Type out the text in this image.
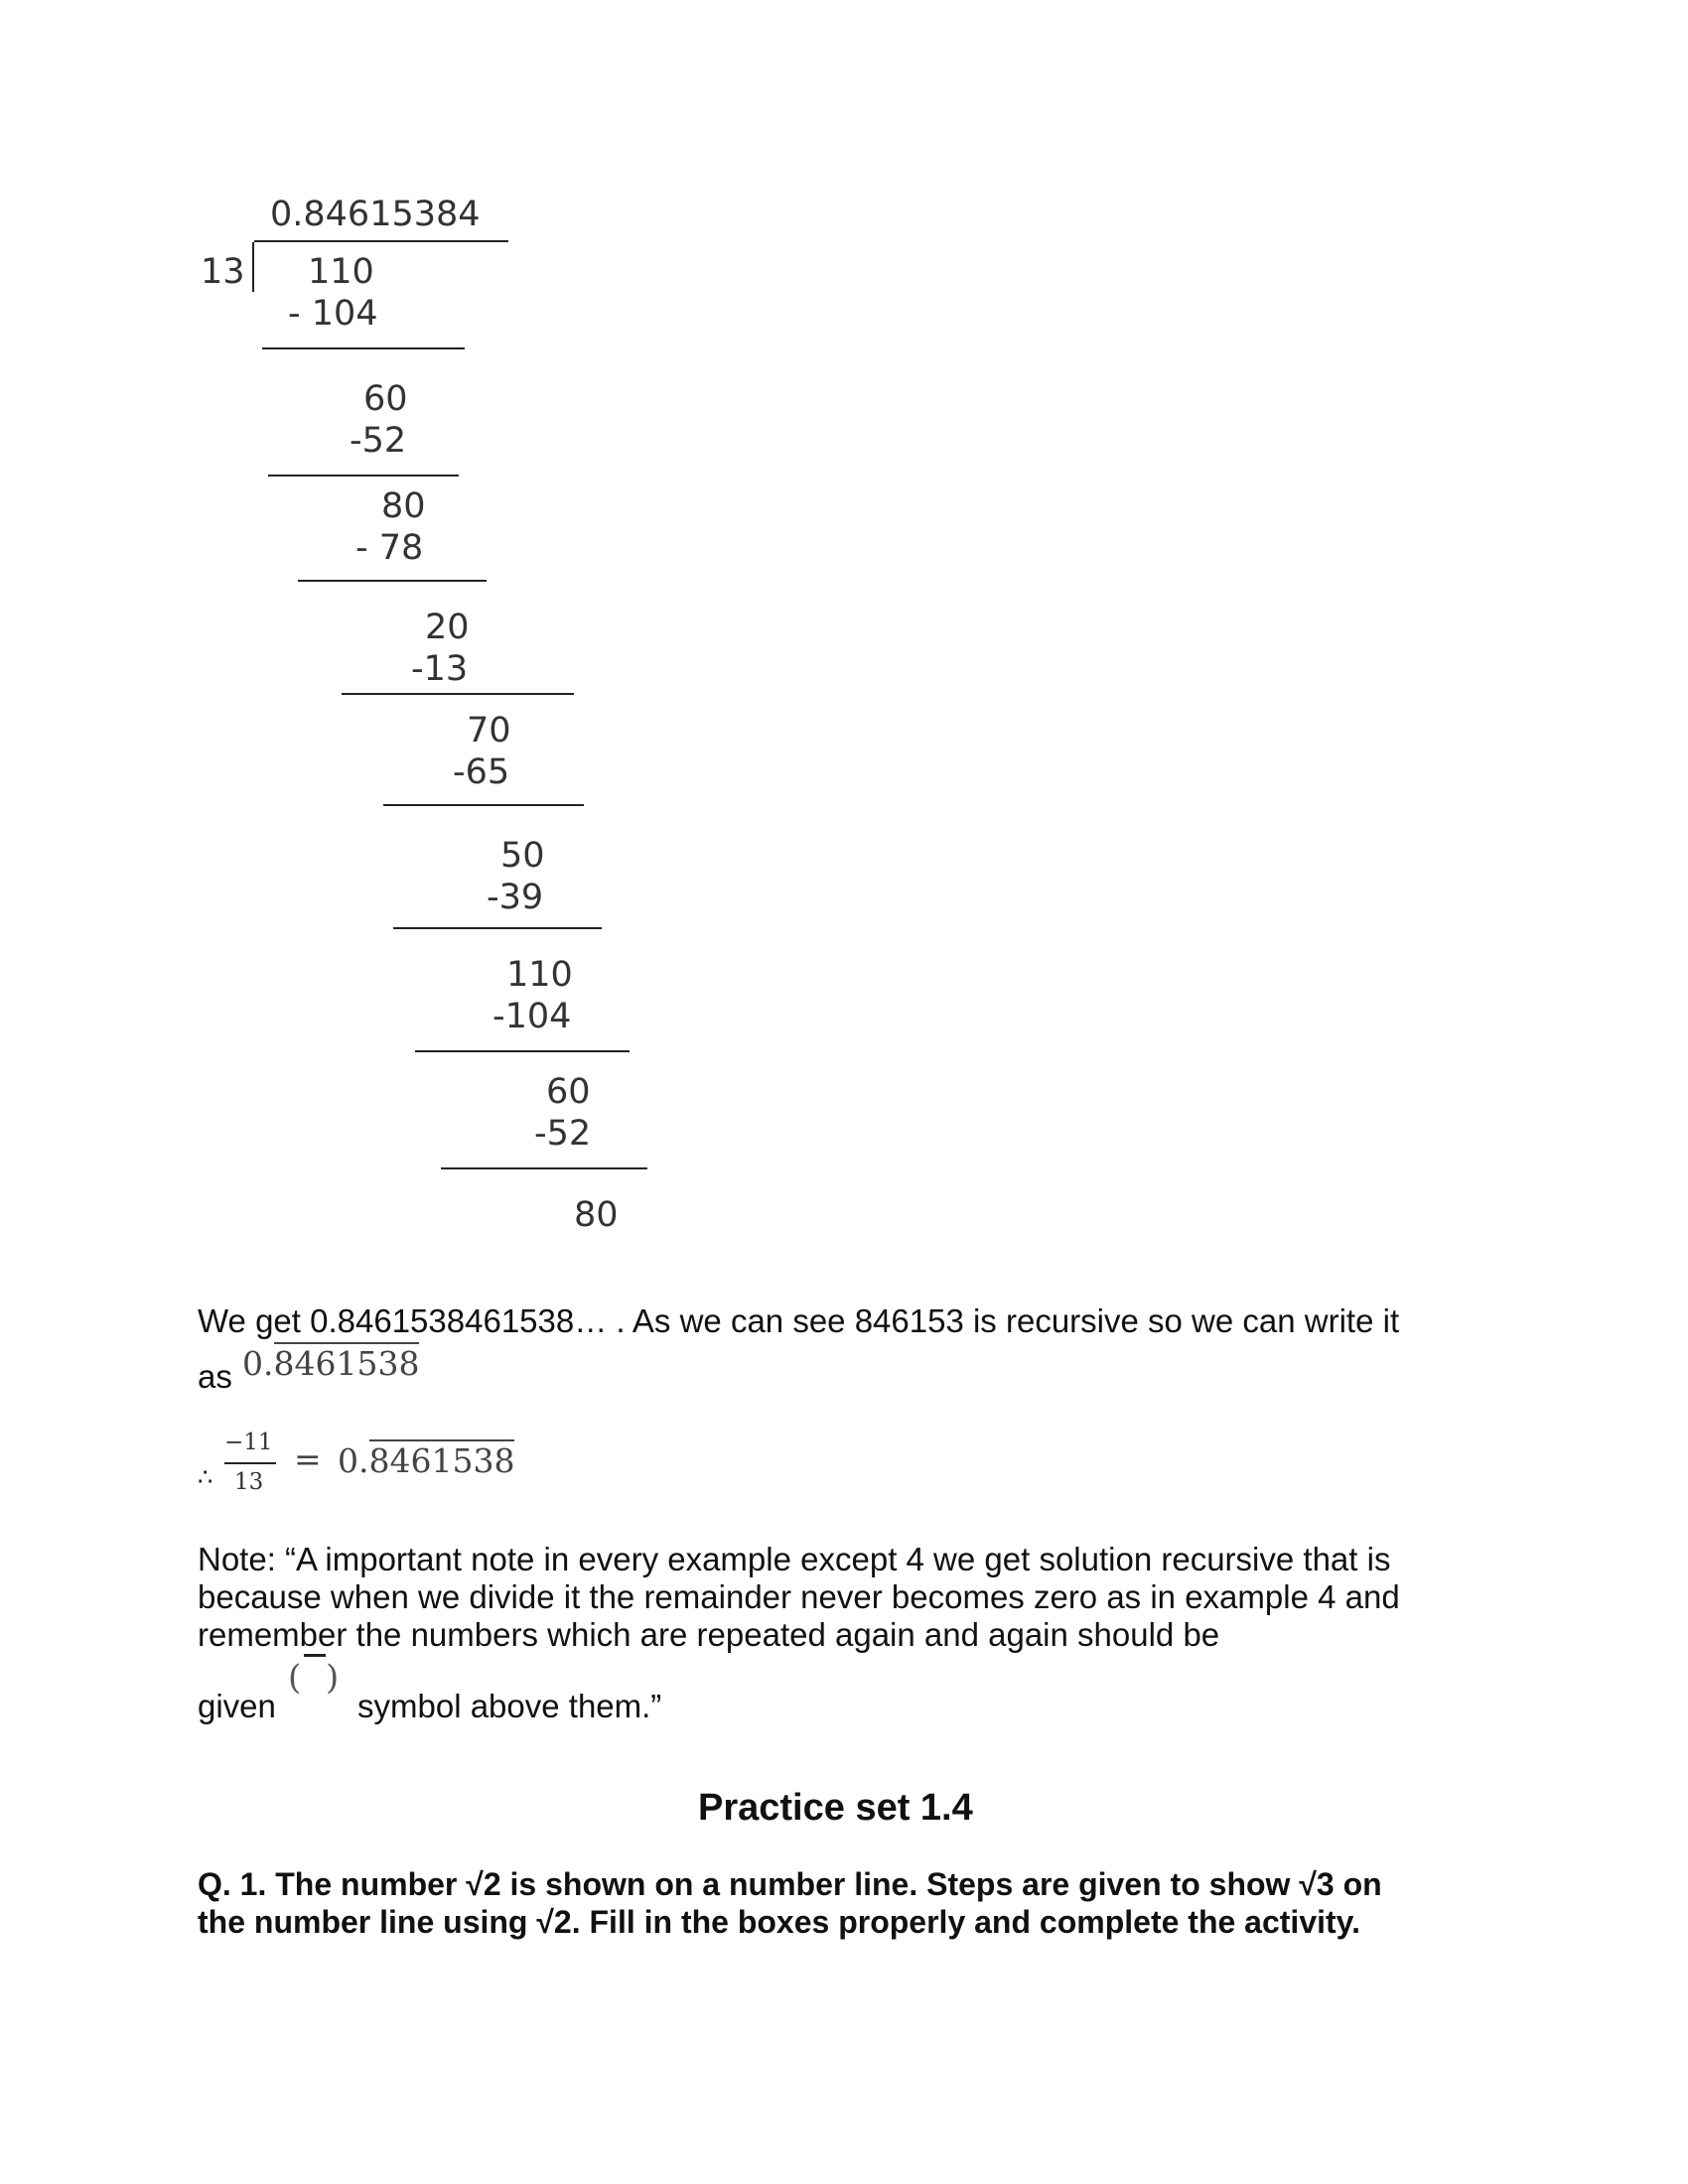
0.84615384
13 110
- 104
60
-52
80
- 78
20
-13
70
-65
50
-39
110
-104
60
-52
80
We get 0.8461538461538… . As we can see 846153 is recursive so we can write it
as 0.8461538
∴
−11
13
= 0.8461538
Note: “A important note in every example except 4 we get solution recursive that is
because when we divide it the remainder never becomes zero as in example 4 and
remember the numbers which are repeated again and again should be
given
( )
symbol above them.”
Practice set 1.4
Q. 1. The number √2 is shown on a number line. Steps are given to show √3 on
the number line using √2. Fill in the boxes properly and complete the activity.
